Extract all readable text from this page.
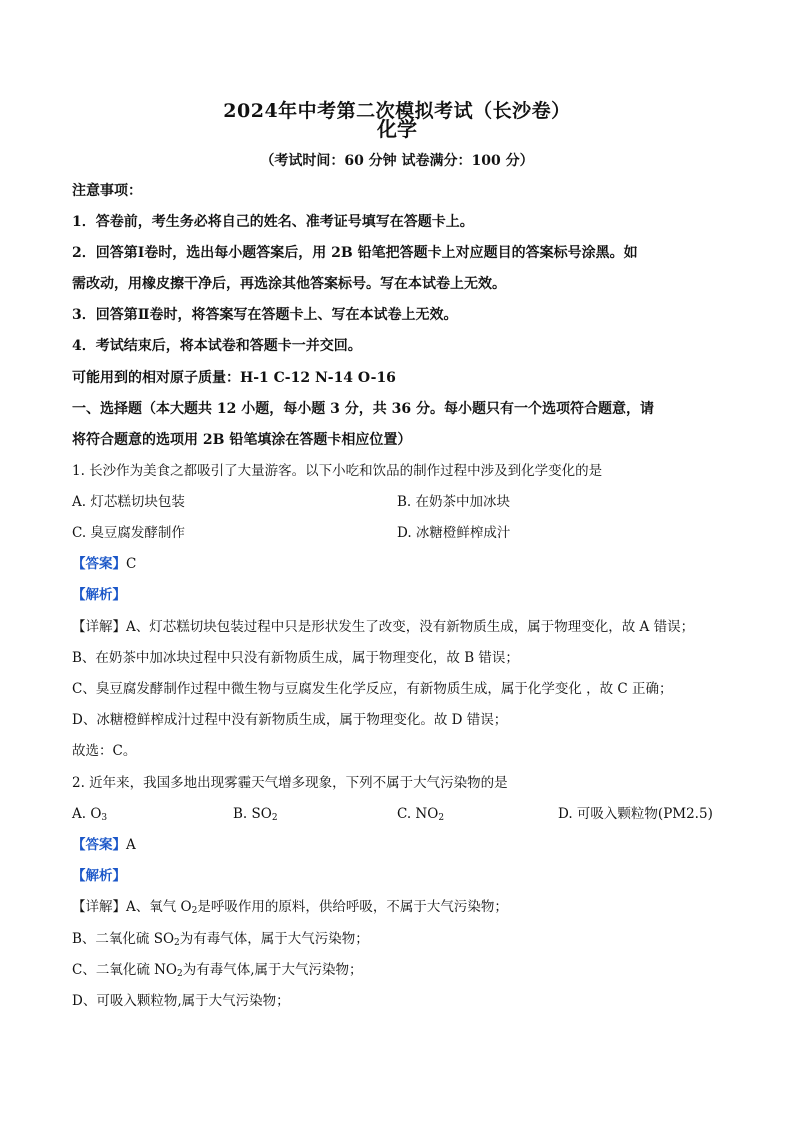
2024年中考第二次模拟考试（长沙卷）
化学
（考试时间：60 分钟 试卷满分：100 分）
注意事项：
1．答卷前，考生务必将自己的姓名、准考证号填写在答题卡上。
2．回答第Ⅰ卷时，选出每小题答案后，用 2B 铅笔把答题卡上对应题目的答案标号涂黑。如
需改动，用橡皮擦干净后，再选涂其他答案标号。写在本试卷上无效。
3．回答第Ⅱ卷时，将答案写在答题卡上、写在本试卷上无效。
4．考试结束后，将本试卷和答题卡一并交回。
可能用到的相对原子质量：H-1 C-12 N-14 O-16
一、选择题（本大题共 12 小题，每小题 3 分，共 36 分。每小题只有一个选项符合题意，请
将符合题意的选项用 2B 铅笔填涂在答题卡相应位置）
1. 长沙作为美食之都吸引了大量游客。以下小吃和饮品的制作过程中涉及到化学变化的是
A. 灯芯糕切块包装	B. 在奶茶中加冰块
C. 臭豆腐发酵制作	D. 冰糖橙鲜榨成汁
【答案】C
【解析】
【详解】A、灯芯糕切块包装过程中只是形状发生了改变，没有新物质生成，属于物理变化，故 A 错误；
B、在奶茶中加冰块过程中只没有新物质生成，属于物理变化，故 B 错误；
C、臭豆腐发酵制作过程中微生物与豆腐发生化学反应，有新物质生成，属于化学变化 ，故 C 正确；
D、冰糖橙鲜榨成汁过程中没有新物质生成，属于物理变化。故 D 错误；
故选：C。
2. 近年来，我国多地出现雾霾天气增多现象，下列不属于大气污染物的是
A. $O_3$	B. $SO_2$	C. $NO_2$	D. 可吸入颗粒物(PM2.5)
【答案】A
【解析】
【详解】A、氧气 $O_2$是呼吸作用的原料，供给呼吸，不属于大气污染物；
B、二氧化硫 $SO_2$为有毒气体，属于大气污染物；
C、二氧化硫 $NO_2$为有毒气体,属于大气污染物；
D、可吸入颗粒物,属于大气污染物；
